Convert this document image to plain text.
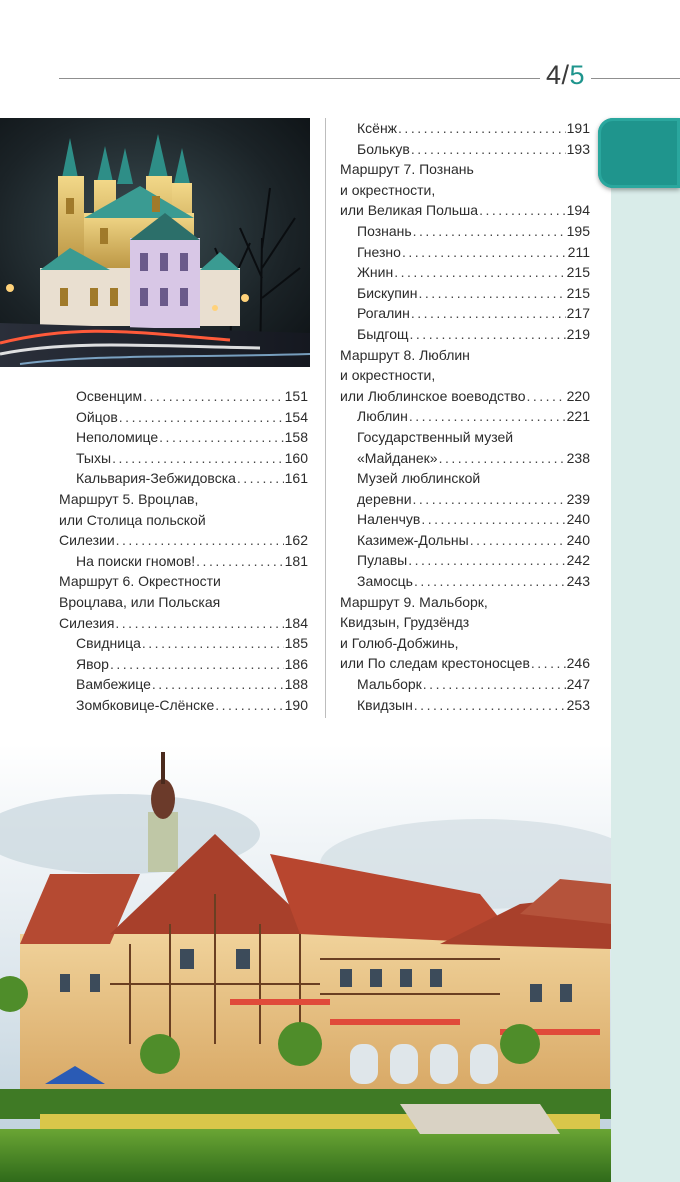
4/5
Освенцим .....	151
Ойцов .....	154
Неполомице .....	158
Тыхы .....	160
Кальвария-Зебжидовска .....	161
Маршрут 5. Вроцлав,
или Столица польской
Силезии .....	162
На поиски гномов! .....	181
Маршрут 6. Окрестности
Вроцлава, или Польская
Силезия .....	184
Свидница .....	185
Явор .....	186
Вамбежице .....	188
Зомбковице-Слёнске .....	190
Ксёнж .....	191
Болькув .....	193
Маршрут 7. Познань
и окрестности,
или Великая Польша .....	194
Познань .....	195
Гнезно .....	211
Жнин .....	215
Бискупин .....	215
Рогалин .....	217
Быдгощ .....	219
Маршрут 8. Люблин
и окрестности,
или Люблинское воеводство .....	220
Люблин .....	221
Государственный музей
«Майданек» .....	238
Музей люблинской
деревни .....	239
Наленчув .....	240
Казимеж-Дольны .....	240
Пулавы .....	242
Замосць .....	243
Маршрут 9. Мальборк,
Квидзын, Грудзёндз
и Голюб-Добжинь,
или По следам крестоносцев .....	246
Мальборк .....	247
Квидзын .....	253
